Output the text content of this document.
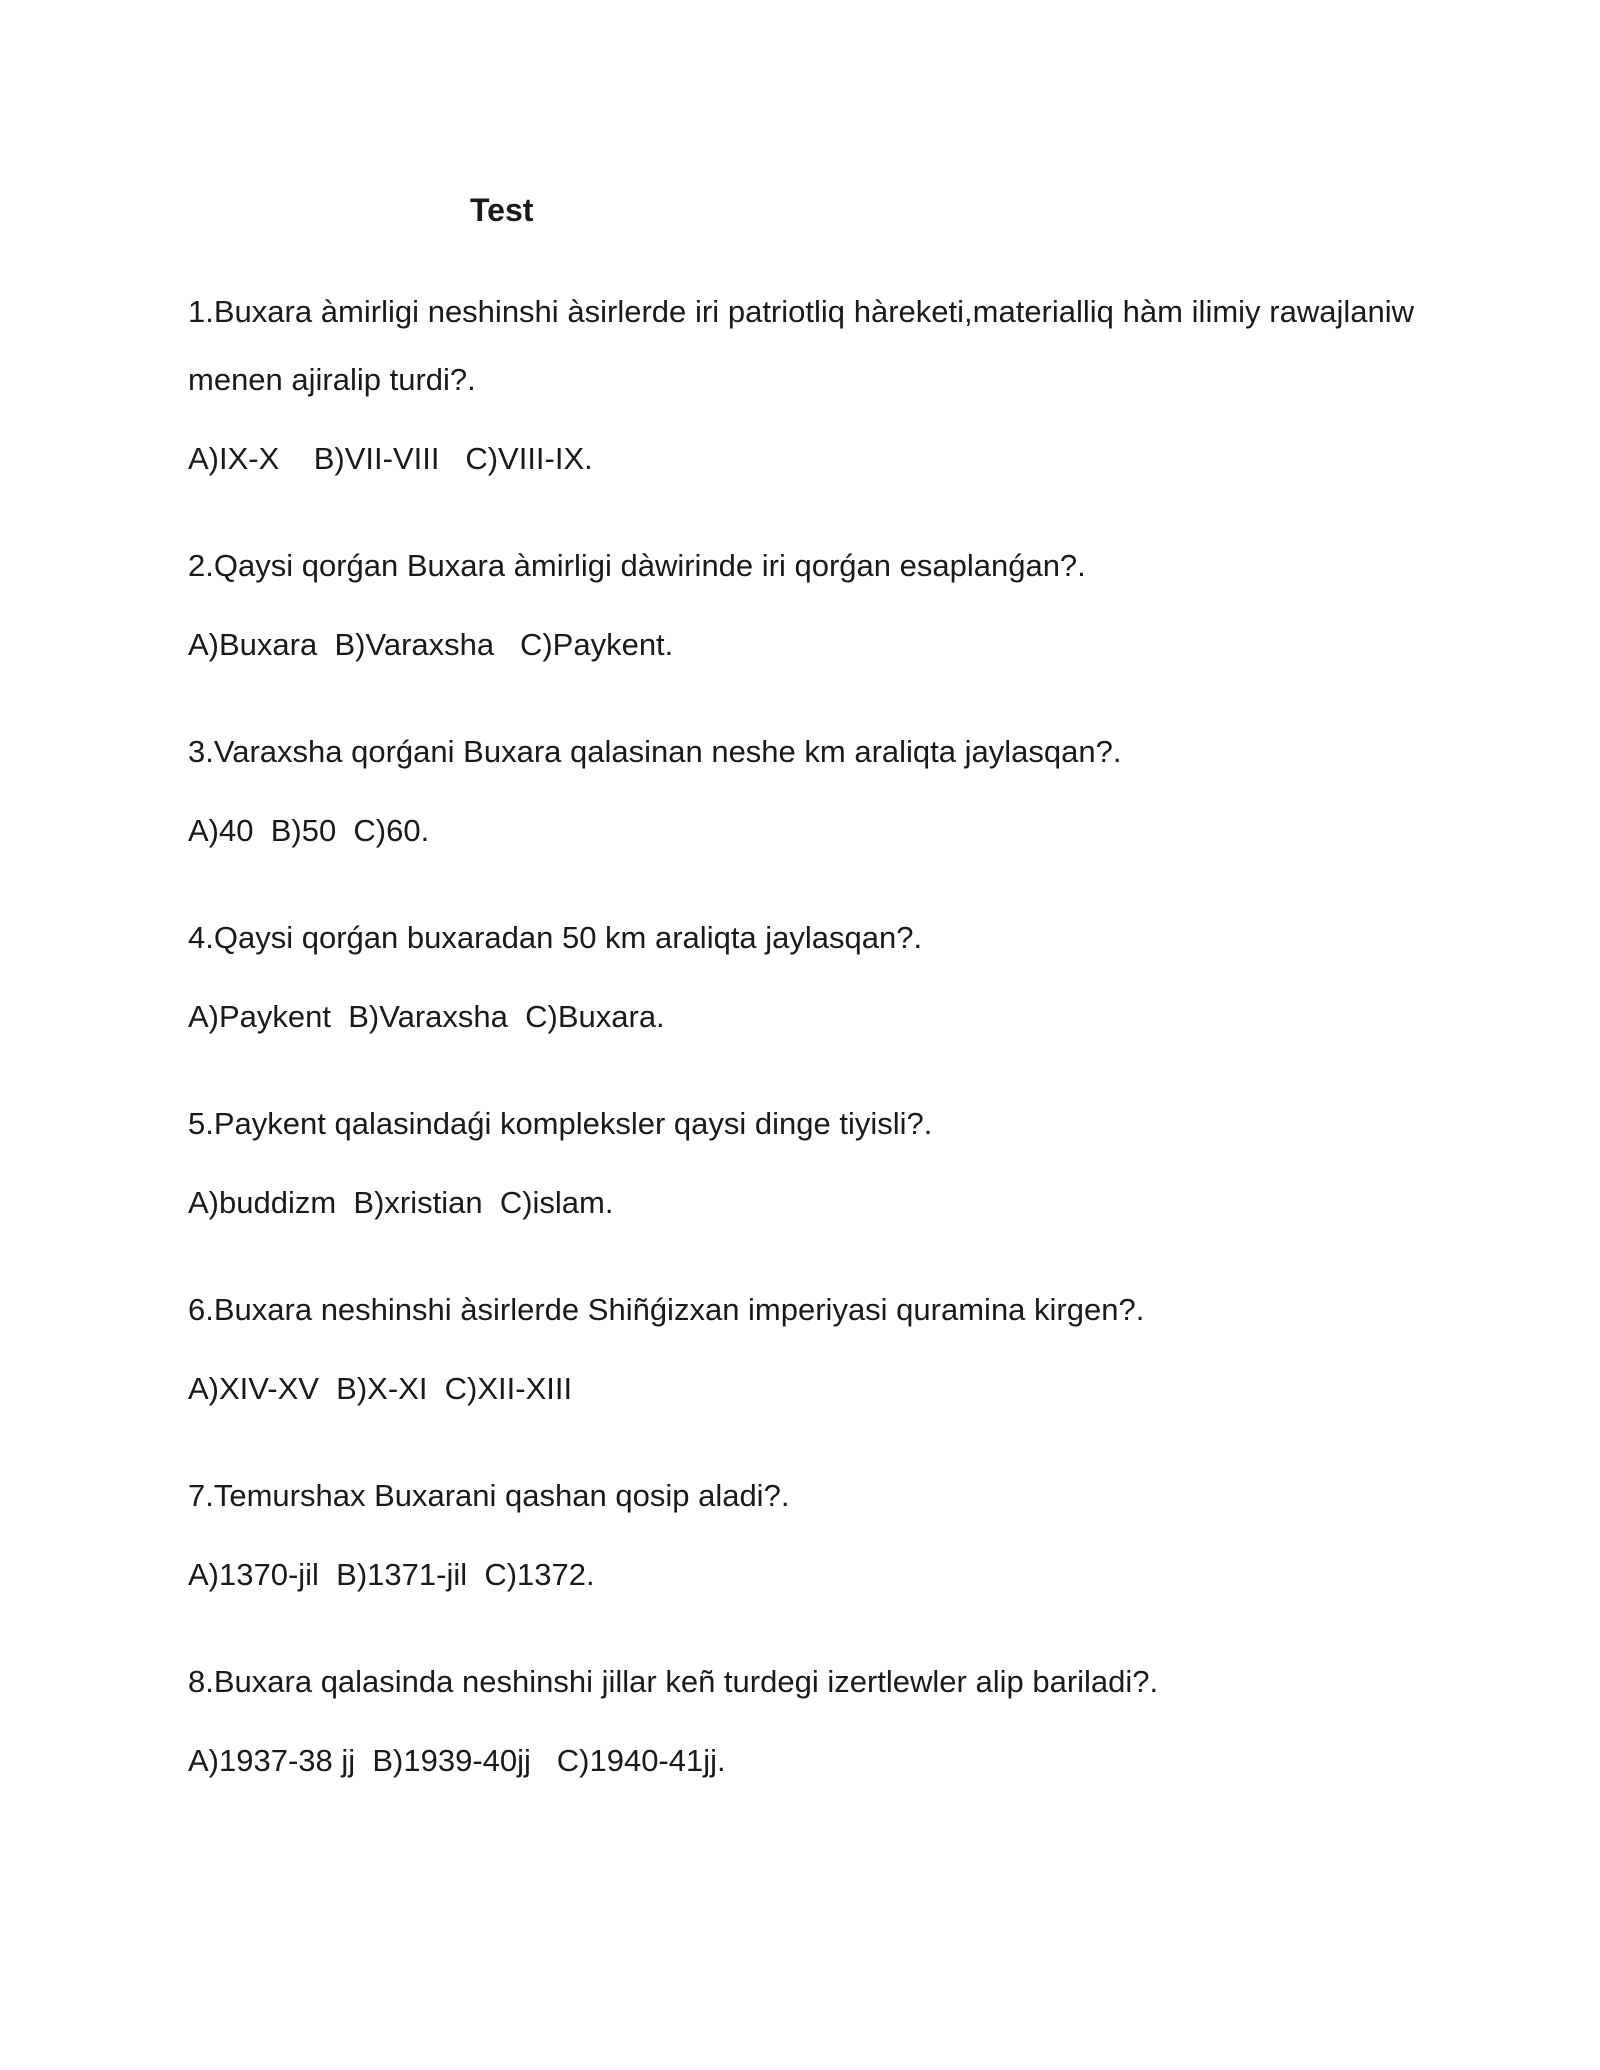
Test

1.Buxara àmirligi neshinshi àsirlerde iri patriotliq hàreketi,materialliq hàm ilimiy rawajlaniw menen ajiralip turdi?.

A)IX-X    B)VII-VIII   C)VIII-IX.

2.Qaysi qorǵan Buxara àmirligi dàwirinde iri qorǵan esaplanǵan?.

A)Buxara  B)Varaxsha   C)Paykent.

3.Varaxsha qorǵani Buxara qalasinan neshe km araliqta jaylasqan?.

A)40  B)50  C)60.

4.Qaysi qorǵan buxaradan 50 km araliqta jaylasqan?.

A)Paykent  B)Varaxsha  C)Buxara.

5.Paykent qalasindaǵi kompleksler qaysi dinge tiyisli?.

A)buddizm  B)xristian  C)islam.

6.Buxara neshinshi àsirlerde Shiñǵizxan imperiyasi quramina kirgen?.

A)XIV-XV  B)X-XI  C)XII-XIII

7.Temurshax Buxarani qashan qosip aladi?.

A)1370-jil  B)1371-jil  C)1372.

8.Buxara qalasinda neshinshi jillar keñ turdegi izertlewler alip bariladi?.

A)1937-38 jj  B)1939-40jj   C)1940-41jj.
